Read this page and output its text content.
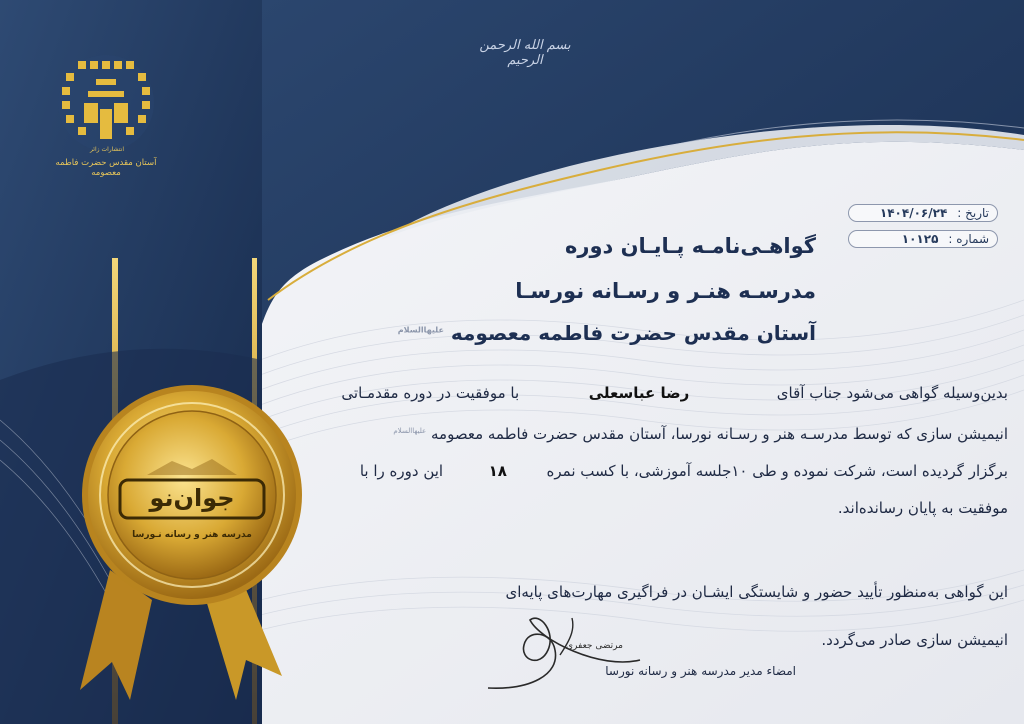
بسم الله الرحمن الرحیم
انتشارات زائر
آستان مقدس حضرت فاطمه معصومه
تاریخ :
۱۴۰۴/۰۶/۲۴
شماره :
۱۰۱۲۵
گواهـی‌نامـه پـایـان دوره
مدرسـه هنـر و رسـانه نورسـا
آستان مقدس حضرت فاطمه معصومه $^{علیهاالسلام}$
بدین‌وسیله گواهی می‌شود جناب آقای  رضا عباسعلی  با موفقیت در دوره مقدمـاتی
انیمیشن سازی که توسط مدرسـه هنر و رسـانه نورسا، آستان مقدس حضرت فاطمه معصومه $^{علیهاالسلام}$
برگزار گردیده است، شرکت نموده و طی ۱۰جلسه آموزشی، با کسب نمره  ۱۸  این دوره را با
موفقیت به پایان رسانده‌اند.
این گواهی به‌منظور تأیید حضور و شایستگی ایشـان در فراگیری مهارت‌های پایه‌ای
انیمیشن سازی صادر می‌گردد.
جوان‌نو
مدرسه هنر و رسانه نـورسا
مرتضی جعفری
امضاء مدیر مدرسه هنر و رسانه نورسا
